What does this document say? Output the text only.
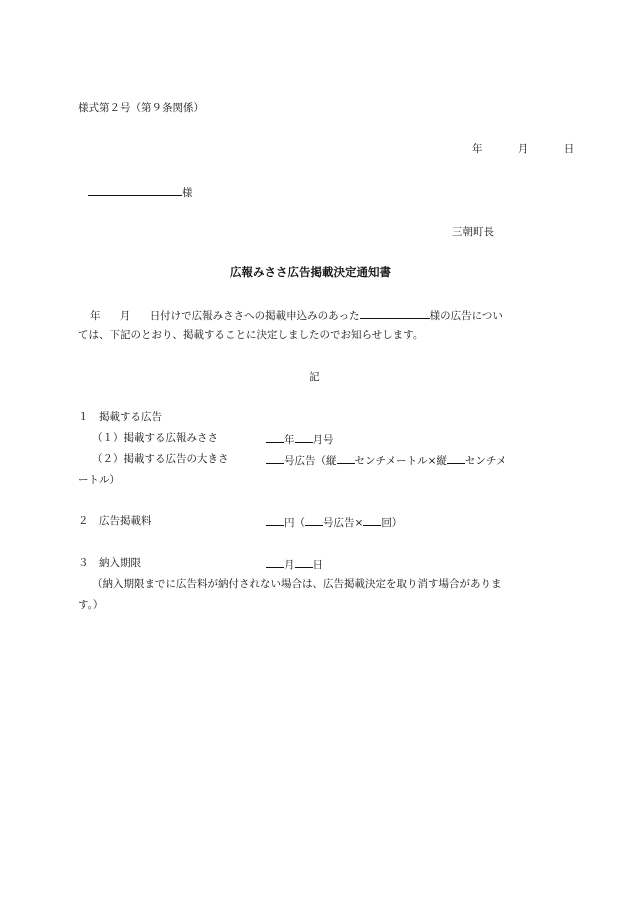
様式第２号（第９条関係）
年	月	日
様
三朝町長
広報みささ広告掲載決定通知書
年 月 日付けで広報みささへの掲載申込みのあった	様の広告につい
ては、下記のとおり、掲載することに決定しましたのでお知らせします。
記
１　掲載する広告
（１）掲載する広報みささ	年 月号
（２）掲載する広告の大きさ	号広告（縦 センチメートル×縦 センチメ
ートル）
２　広告掲載料	円（ 号広告× 回）
３　納入期限	月 日
（納入期限までに広告料が納付されない場合は、広告掲載決定を取り消す場合がありま
す。）
